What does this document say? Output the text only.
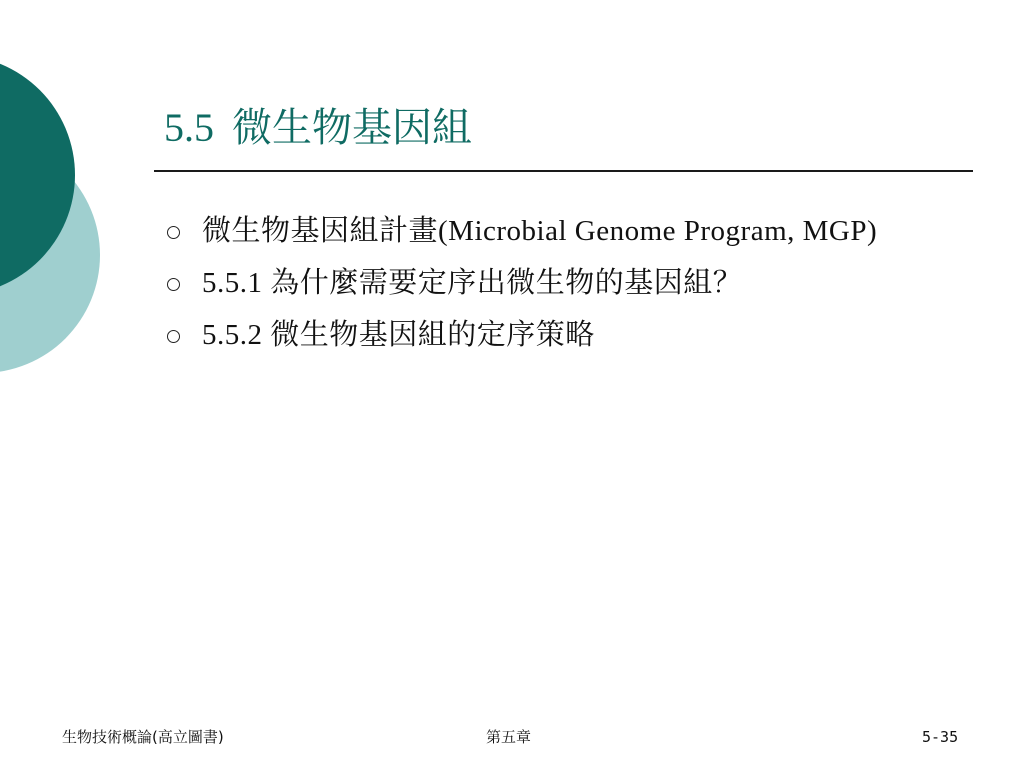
5.5 微生物基因組
微生物基因組計畫(Microbial Genome Program, MGP)
5.5.1 為什麼需要定序出微生物的基因組？
5.5.2 微生物基因組的定序策略
生物技術概論(高立圖書)	第五章	5-35
